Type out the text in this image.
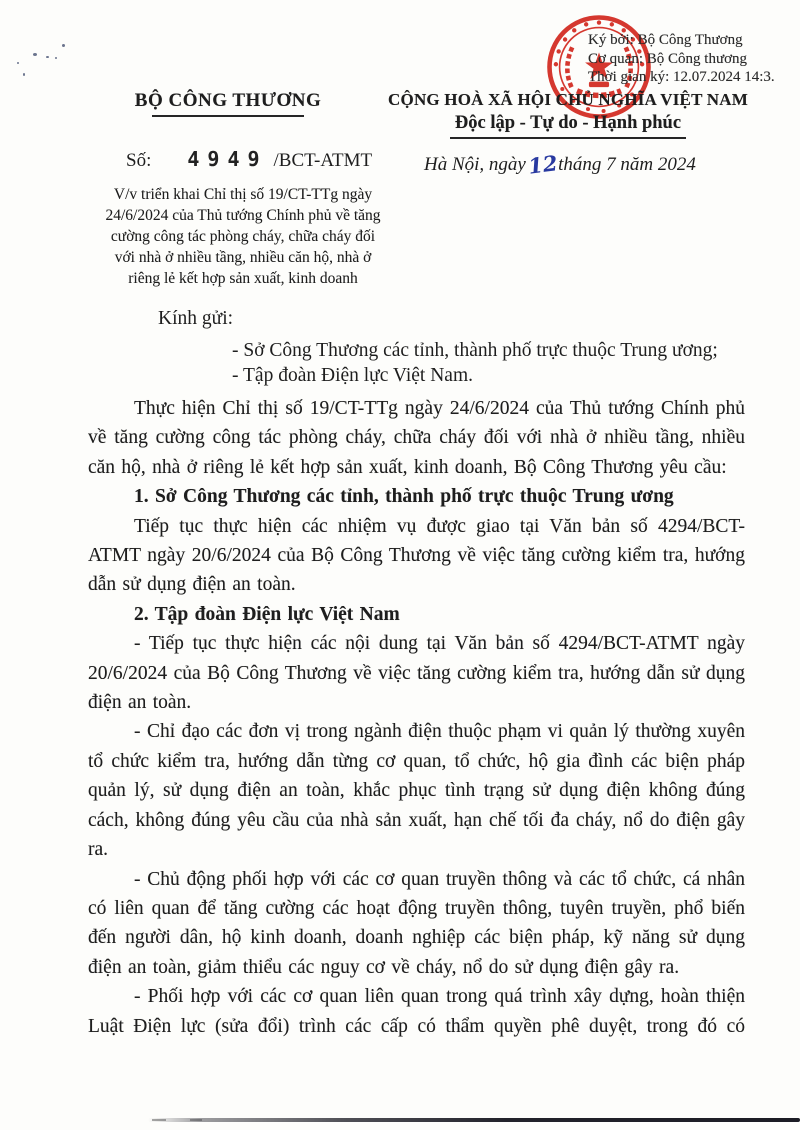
Ký bởi: Bộ Công Thương
Cơ quan: Bộ Công thương
Thời gian ký: 12.07.2024 14:3.
BỘ CÔNG THƯƠNG	CỘNG HOÀ XÃ HỘI CHỦ NGHĨA VIỆT NAM
Độc lập - Tự do - Hạnh phúc
Số: 4949 /BCT-ATMT	Hà Nội, ngày12tháng 7 năm 2024
V/v triển khai Chỉ thị số 19/CT-TTg ngày 24/6/2024 của Thủ tướng Chính phủ về tăng cường công tác phòng cháy, chữa cháy đối với nhà ở nhiều tầng, nhiều căn hộ, nhà ở riêng lẻ kết hợp sản xuất, kinh doanh
Kính gửi:
- Sở Công Thương các tỉnh, thành phố trực thuộc Trung ương;
- Tập đoàn Điện lực Việt Nam.

Thực hiện Chỉ thị số 19/CT-TTg ngày 24/6/2024 của Thủ tướng Chính phủ về tăng cường công tác phòng cháy, chữa cháy đối với nhà ở nhiều tầng, nhiều căn hộ, nhà ở riêng lẻ kết hợp sản xuất, kinh doanh, Bộ Công Thương yêu cầu:

1. Sở Công Thương các tỉnh, thành phố trực thuộc Trung ương

Tiếp tục thực hiện các nhiệm vụ được giao tại Văn bản số 4294/BCT-ATMT ngày 20/6/2024 của Bộ Công Thương về việc tăng cường kiểm tra, hướng dẫn sử dụng điện an toàn.

2. Tập đoàn Điện lực Việt Nam

- Tiếp tục thực hiện các nội dung tại Văn bản số 4294/BCT-ATMT ngày 20/6/2024 của Bộ Công Thương về việc tăng cường kiểm tra, hướng dẫn sử dụng điện an toàn.

- Chỉ đạo các đơn vị trong ngành điện thuộc phạm vi quản lý thường xuyên tổ chức kiểm tra, hướng dẫn từng cơ quan, tổ chức, hộ gia đình các biện pháp quản lý, sử dụng điện an toàn, khắc phục tình trạng sử dụng điện không đúng cách, không đúng yêu cầu của nhà sản xuất, hạn chế tối đa cháy, nổ do điện gây ra.

- Chủ động phối hợp với các cơ quan truyền thông và các tổ chức, cá nhân có liên quan để tăng cường các hoạt động truyền thông, tuyên truyền, phổ biến đến người dân, hộ kinh doanh, doanh nghiệp các biện pháp, kỹ năng sử dụng điện an toàn, giảm thiểu các nguy cơ về cháy, nổ do sử dụng điện gây ra.

- Phối hợp với các cơ quan liên quan trong quá trình xây dựng, hoàn thiện Luật Điện lực (sửa đổi) trình các cấp có thẩm quyền phê duyệt, trong đó có
